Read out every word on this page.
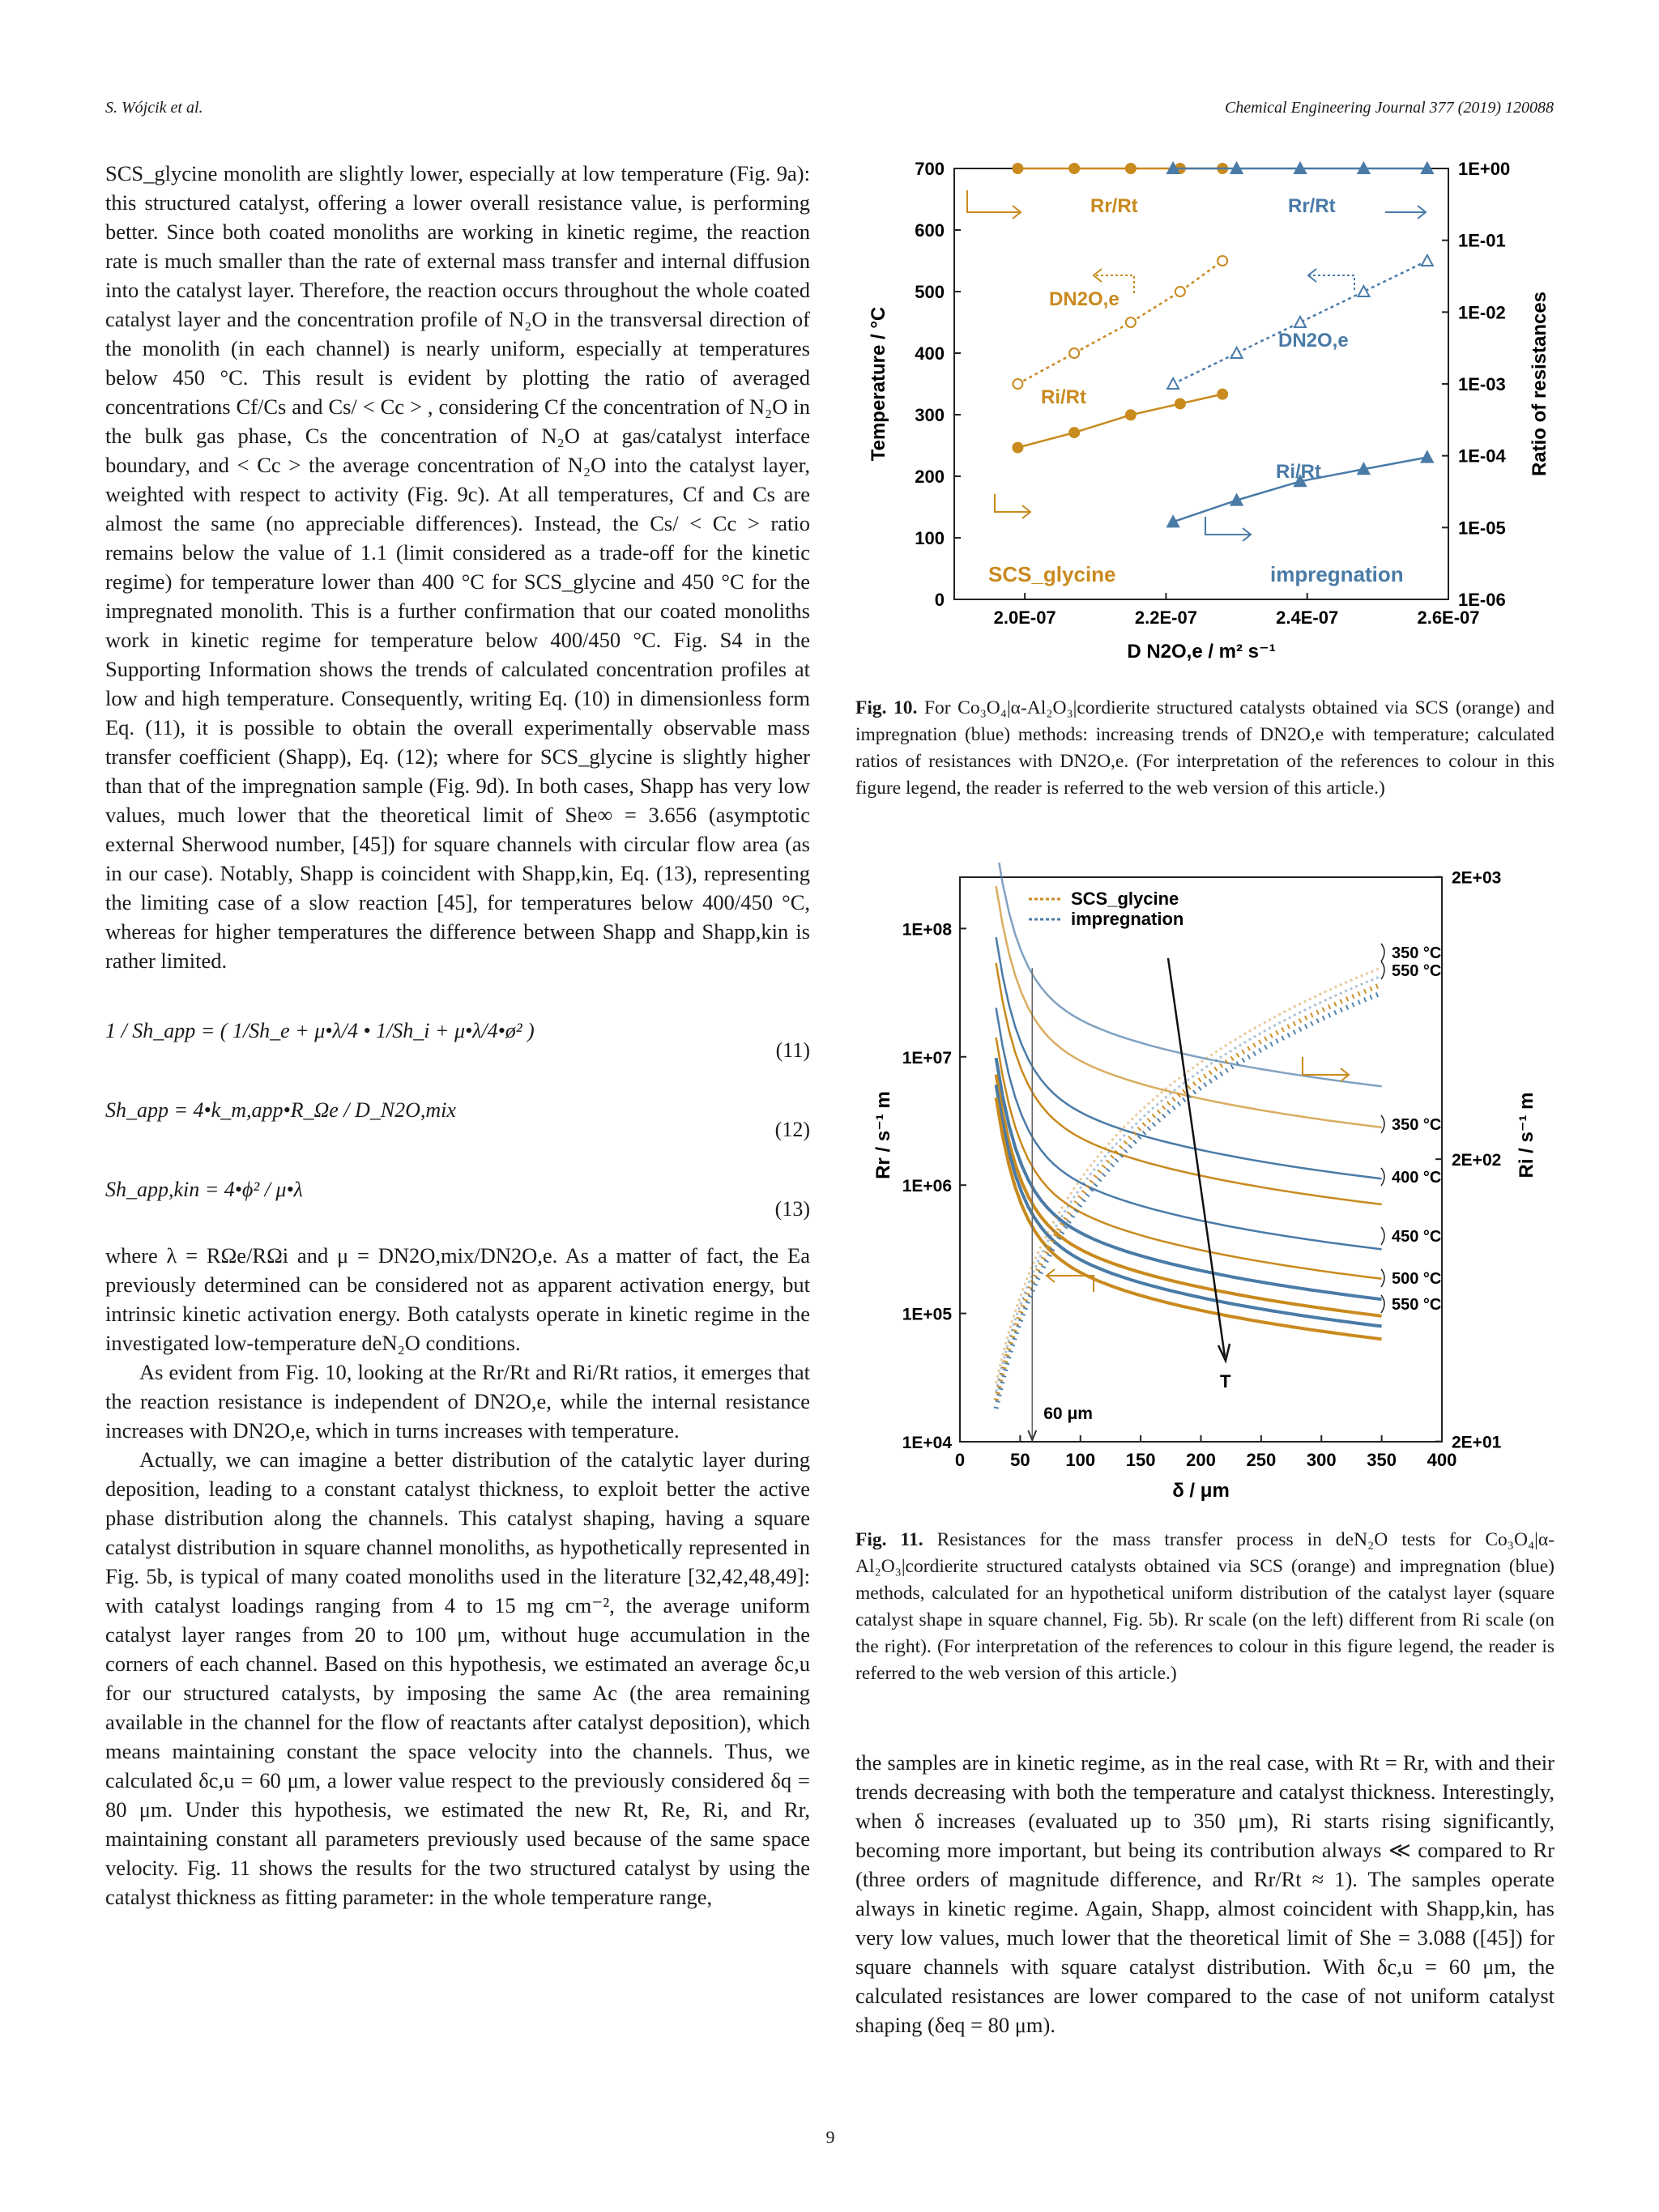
S. Wójcik et al.	Chemical Engineering Journal 377 (2019) 120088

SCS_glycine monolith are slightly lower, especially at low temperature (Fig. 9a): this structured catalyst, offering a lower overall resistance value, is performing better. Since both coated monoliths are working in kinetic regime, the reaction rate is much smaller than the rate of external mass transfer and internal diffusion into the catalyst layer. Therefore, the reaction occurs throughout the whole coated catalyst layer and the concentration profile of N₂O in the transversal direction of the monolith (in each channel) is nearly uniform, especially at temperatures below 450 °C. This result is evident by plotting the ratio of averaged concentrations Cf/Cs and Cs/ < Cc > , considering Cf the concentration of N₂O in the bulk gas phase, Cs the concentration of N₂O at gas/catalyst interface boundary, and < Cc > the average concentration of N₂O into the catalyst layer, weighted with respect to activity (Fig. 9c). At all temperatures, Cf and Cs are almost the same (no appreciable differences). Instead, the Cs/ < Cc > ratio remains below the value of 1.1 (limit considered as a trade-off for the kinetic regime) for temperature lower than 400 °C for SCS_glycine and 450 °C for the impregnated monolith. This is a further confirmation that our coated monoliths work in kinetic regime for temperature below 400/450 °C. Fig. S4 in the Supporting Information shows the trends of calculated concentration profiles at low and high temperature. Consequently, writing Eq. (10) in dimensionless form Eq. (11), it is possible to obtain the overall experimentally observable mass transfer coefficient (Shapp), Eq. (12); where for SCS_glycine is slightly higher than that of the impregnation sample (Fig. 9d). In both cases, Shapp has very low values, much lower that the theoretical limit of She∞ = 3.656 (asymptotic external Sherwood number, [45]) for square channels with circular flow area (as in our case). Notably, Shapp is coincident with Shapp,kin, Eq. (13), representing the limiting case of a slow reaction [45], for temperatures below 400/450 °C, whereas for higher temperatures the difference between Shapp and Shapp,kin is rather limited.

1 / Sh_app = ( 1/Sh_e + μ•λ/4 • 1/Sh_i + μ•λ/4•ø² )
(11)
Sh_app = 4•k_m,app•R_Ωe / D_N2O,mix
(12)
Sh_app,kin = 4•ϕ² / μ•λ
(13)

where λ = RΩe/RΩi and μ = DN2O,mix/DN2O,e. As a matter of fact, the Ea previously determined can be considered not as apparent activation energy, but intrinsic kinetic activation energy. Both catalysts operate in kinetic regime in the investigated low-temperature deN₂O conditions.

As evident from Fig. 10, looking at the Rr/Rt and Ri/Rt ratios, it emerges that the reaction resistance is independent of DN2O,e, while the internal resistance increases with DN2O,e, which in turns increases with temperature.

Actually, we can imagine a better distribution of the catalytic layer during deposition, leading to a constant catalyst thickness, to exploit better the active phase distribution along the channels. This catalyst shaping, having a square catalyst distribution in square channel monoliths, as hypothetically represented in Fig. 5b, is typical of many coated monoliths used in the literature [32,42,48,49]: with catalyst loadings ranging from 4 to 15 mg cm⁻², the average uniform catalyst layer ranges from 20 to 100 μm, without huge accumulation in the corners of each channel. Based on this hypothesis, we estimated an average δc,u for our structured catalysts, by imposing the same Ac (the area remaining available in the channel for the flow of reactants after catalyst deposition), which means maintaining constant the space velocity into the channels. Thus, we calculated δc,u = 60 μm, a lower value respect to the previously considered δq = 80 μm. Under this hypothesis, we estimated the new Rt, Re, Ri, and Rr, maintaining constant all parameters previously used because of the same space velocity. Fig. 11 shows the results for the two structured catalyst by using the catalyst thickness as fitting parameter: in the whole temperature range,

2.0E-07	2.2E-07	2.4E-07	2.6E-07
0
100
200
300
400
500
600
700
1E-06
1E-05
1E-04
1E-03
1E-02
1E-01
1E+00
Temperature / °C	Ratio of resistances
D N2O,e / m² s⁻¹
Rr/Rt	Rr/Rt
DN2O,e
DN2O,e
Ri/Rt
Ri/Rt
SCS_glycine	impregnation

Fig. 10. For Co₃O₄|α-Al₂O₃|cordierite structured catalysts obtained via SCS (orange) and impregnation (blue) methods: increasing trends of DN2O,e with temperature; calculated ratios of resistances with DN2O,e. (For interpretation of the references to colour in this figure legend, the reader is referred to the web version of this article.)

0	50 100 150 200 250 300 350 400
1E+04
1E+05
1E+06
1E+07
1E+08
2E+01
2E+02
2E+03
Rr / s⁻¹ m	Ri / s⁻¹ m
δ / μm
SCS_glycine
impregnation
350 °C
550 °C
350 °C
400 °C
450 °C
500 °C
550 °C
T
60 μm

Fig. 11. Resistances for the mass transfer process in deN₂O tests for Co₃O₄|α-Al₂O₃|cordierite structured catalysts obtained via SCS (orange) and impregnation (blue) methods, calculated for an hypothetical uniform distribution of the catalyst layer (square catalyst shape in square channel, Fig. 5b). Rr scale (on the left) different from Ri scale (on the right). (For interpretation of the references to colour in this figure legend, the reader is referred to the web version of this article.)

the samples are in kinetic regime, as in the real case, with Rt = Rr, with and their trends decreasing with both the temperature and catalyst thickness. Interestingly, when δ increases (evaluated up to 350 μm), Ri starts rising significantly, becoming more important, but being its contribution always ≪ compared to Rr (three orders of magnitude difference, and Rr/Rt ≈ 1). The samples operate always in kinetic regime. Again, Shapp, almost coincident with Shapp,kin, has very low values, much lower that the theoretical limit of She = 3.088 ([45]) for square channels with square catalyst distribution. With δc,u = 60 μm, the calculated resistances are lower compared to the case of not uniform catalyst shaping (δeq = 80 μm).

9
